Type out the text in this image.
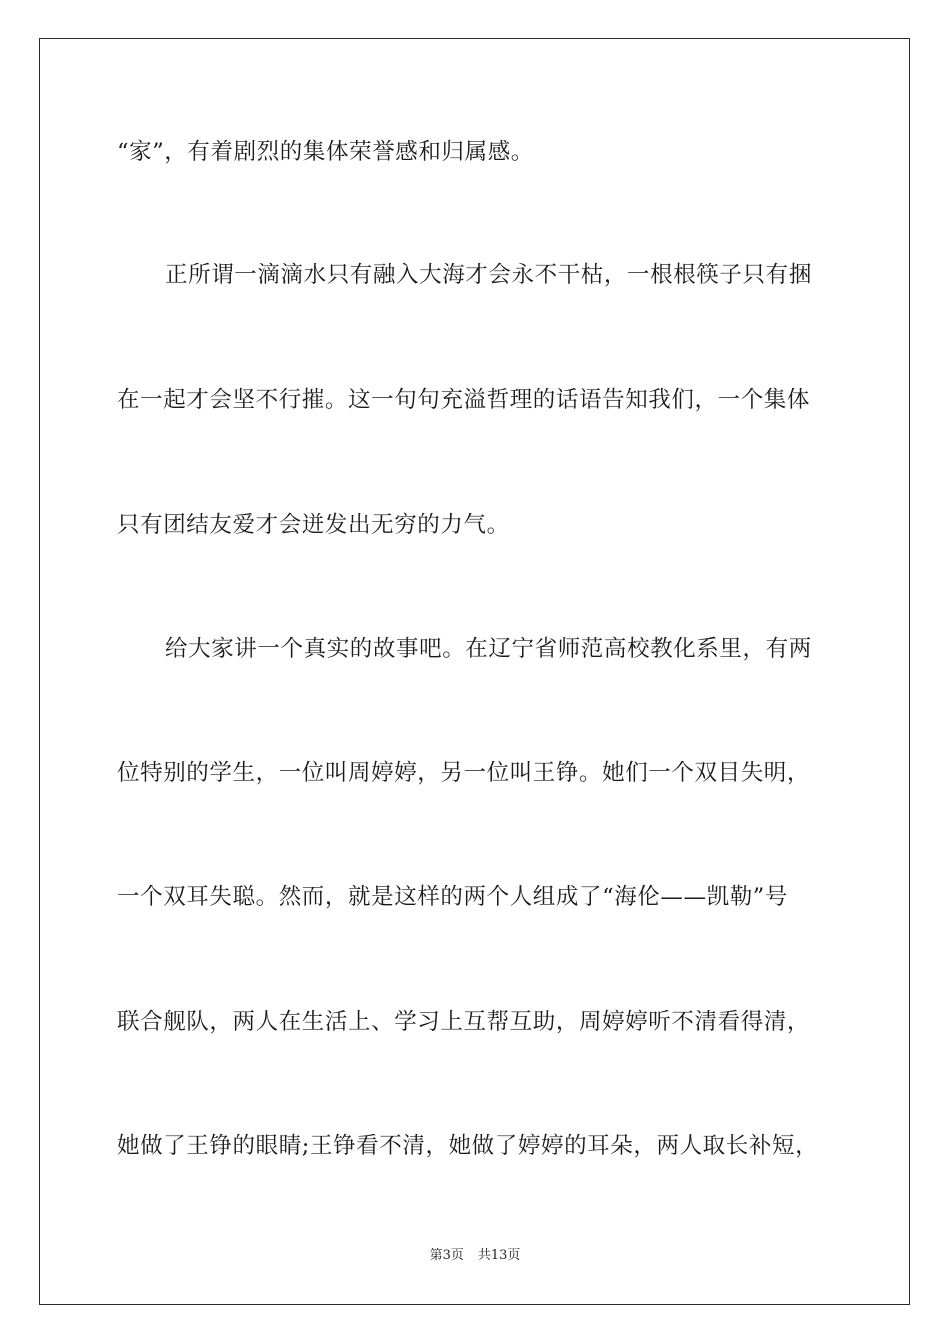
“家”，有着剧烈的集体荣誉感和归属感。
正所谓一滴滴水只有融入大海才会永不干枯，一根根筷子只有捆
在一起才会坚不行摧。这一句句充溢哲理的话语告知我们，一个集体
只有团结友爱才会迸发出无穷的力气。
给大家讲一个真实的故事吧。在辽宁省师范高校教化系里，有两
位特别的学生，一位叫周婷婷，另一位叫王铮。她们一个双目失明，
一个双耳失聪。然而，就是这样的两个人组成了“海伦——凯勒”号
联合舰队，两人在生活上、学习上互帮互助，周婷婷听不清看得清，
她做了王铮的眼睛;王铮看不清，她做了婷婷的耳朵，两人取长补短，
第3页 共13页
